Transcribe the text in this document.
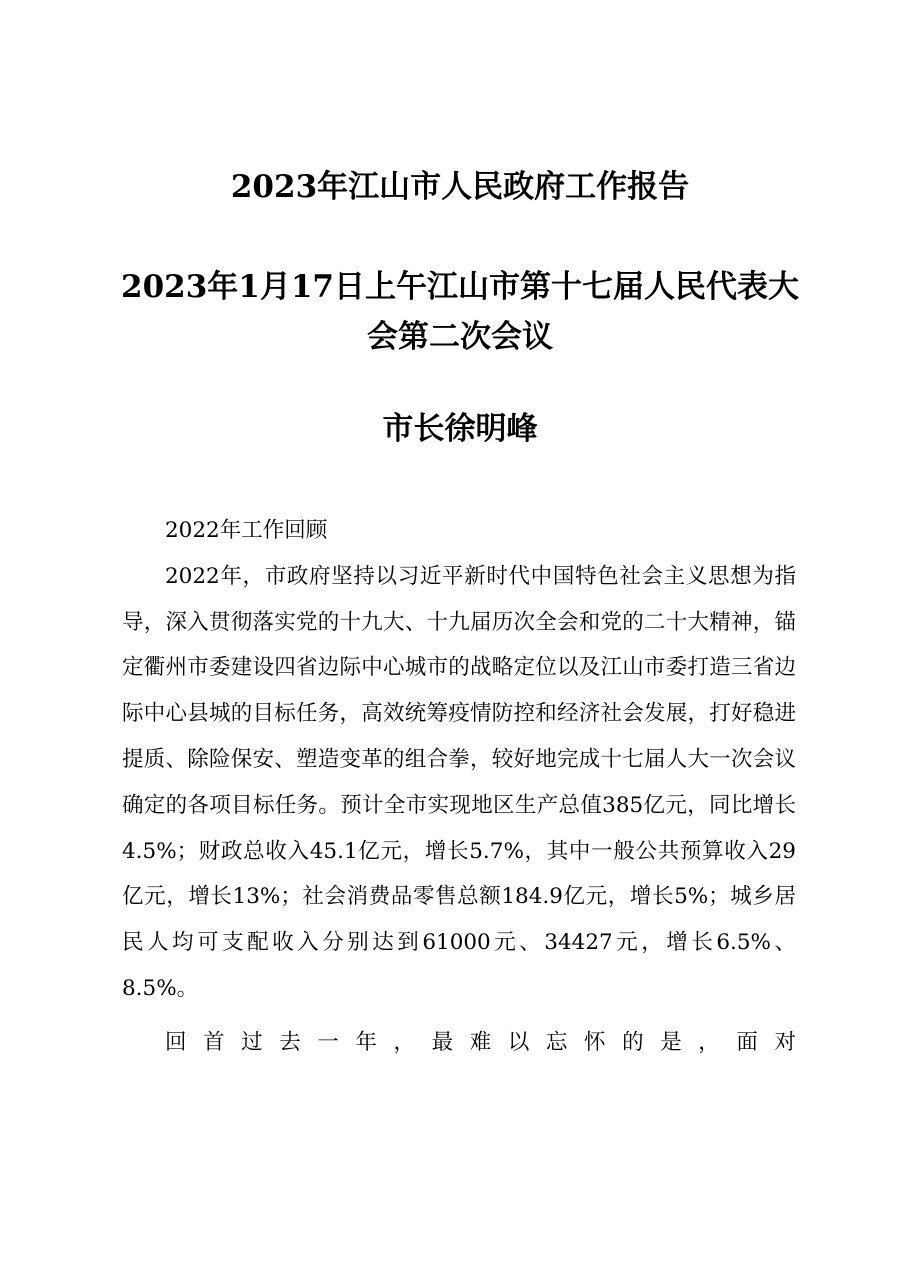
2023年江山市人民政府工作报告
2023年1月17日上午江山市第十七届人民代表大会第二次会议
市长徐明峰

2022年工作回顾

2022年，市政府坚持以习近平新时代中国特色社会主义思想为指导，深入贯彻落实党的十九大、十九届历次全会和党的二十大精神，锚定衢州市委建设四省边际中心城市的战略定位以及江山市委打造三省边际中心县城的目标任务，高效统筹疫情防控和经济社会发展，打好稳进提质、除险保安、塑造变革的组合拳，较好地完成十七届人大一次会议确定的各项目标任务。预计全市实现地区生产总值385亿元，同比增长4.5%；财政总收入45.1亿元，增长5.7%，其中一般公共预算收入29亿元，增长13%；社会消费品零售总额184.9亿元，增长5%；城乡居民人均可支配收入分别达到61000元、34427元，增长6.5%、8.5%。

回首过去一年，最难以忘怀的是，面对
